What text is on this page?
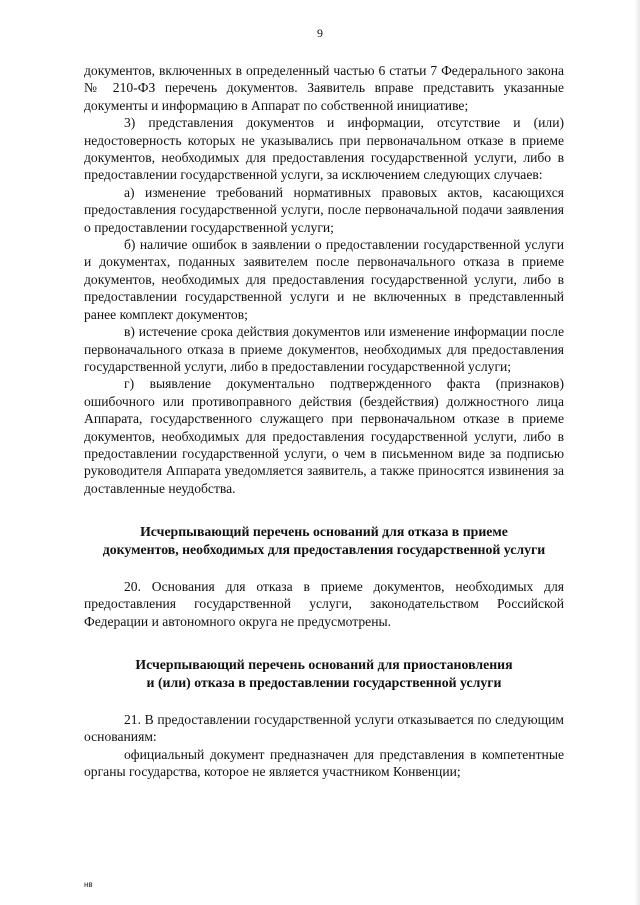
9

документов, включенных в определенный частью 6 статьи 7 Федерального закона № 210-ФЗ перечень документов. Заявитель вправе представить указанные документы и информацию в Аппарат по собственной инициативе;

3) представления документов и информации, отсутствие и (или) недостоверность которых не указывались при первоначальном отказе в приеме документов, необходимых для предоставления государственной услуги, либо в предоставлении государственной услуги, за исключением следующих случаев:

а) изменение требований нормативных правовых актов, касающихся предоставления государственной услуги, после первоначальной подачи заявления о предоставлении государственной услуги;

б) наличие ошибок в заявлении о предоставлении государственной услуги и документах, поданных заявителем после первоначального отказа в приеме документов, необходимых для предоставления государственной услуги, либо в предоставлении государственной услуги и не включенных в представленный ранее комплект документов;

в) истечение срока действия документов или изменение информации после первоначального отказа в приеме документов, необходимых для предоставления государственной услуги, либо в предоставлении государственной услуги;

г) выявление документально подтвержденного факта (признаков) ошибочного или противоправного действия (бездействия) должностного лица Аппарата, государственного служащего при первоначальном отказе в приеме документов, необходимых для предоставления государственной услуги, либо в предоставлении государственной услуги, о чем в письменном виде за подписью руководителя Аппарата уведомляется заявитель, а также приносятся извинения за доставленные неудобства.

Исчерпывающий перечень оснований для отказа в приеме

документов, необходимых для предоставления государственной услуги

20. Основания для отказа в приеме документов, необходимых для предоставления государственной услуги, законодательством Российской Федерации и автономного округа не предусмотрены.

Исчерпывающий перечень оснований для приостановления

и (или) отказа в предоставлении государственной услуги

21. В предоставлении государственной услуги отказывается по следующим основаниям:

официальный документ предназначен для представления в компетентные органы государства, которое не является участником Конвенции;

нв
